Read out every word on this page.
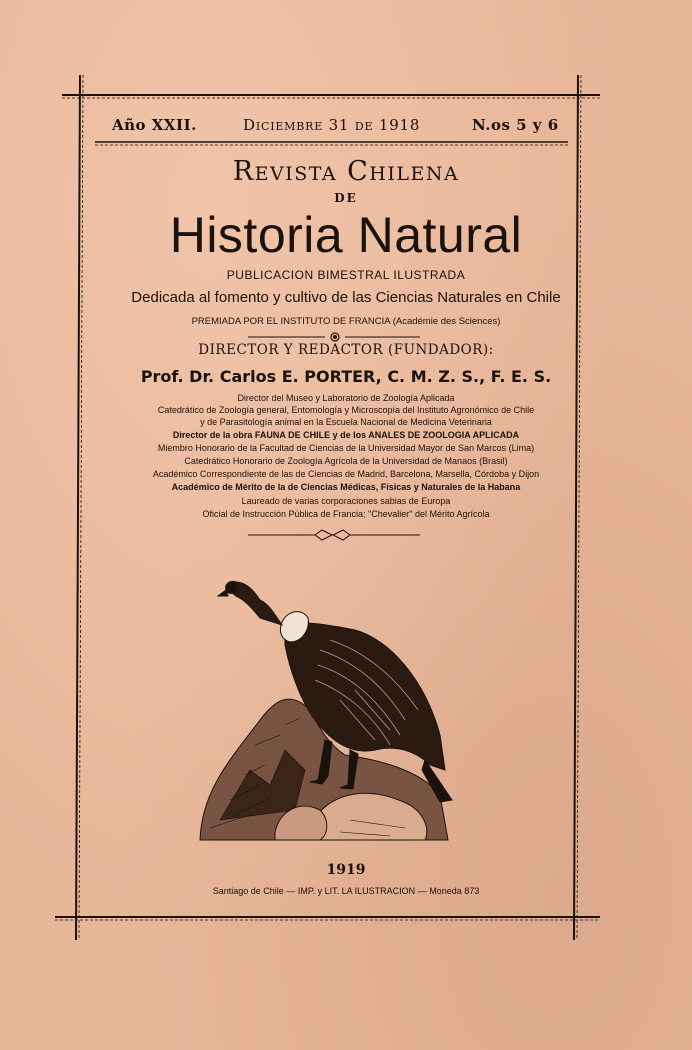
Año XXII.	Diciembre 31 de 1918	N.os 5 y 6
Revista Chilena
DE
Historia Natural
PUBLICACION BIMESTRAL ILUSTRADA
Dedicada al fomento y cultivo de las Ciencias Naturales en Chile
PREMIADA POR EL INSTITUTO DE FRANCIA (Académie des Sciences)
DIRECTOR Y REDACTOR (FUNDADOR):
Prof. Dr. Carlos E. PORTER, C. M. Z. S., F. E. S.
Director del Museo y Laboratorio de Zoología Aplicada
Catedrático de Zoología general, Entomología y Microscopía del Instituto Agronómico de Chile
y de Parasitología animal en la Escuela Nacional de Medicina Veterinaria
Director de la obra FAUNA DE CHILE y de los ANALES DE ZOOLOGIA APLICADA
Miembro Honorario de la Facultad de Ciencias de la Universidad Mayor de San Marcos (Lima)
Catedrático Honorario de Zoología Agrícola de la Universidad de Manaos (Brasil)
Académico Correspondiente de las de Ciencias de Madrid, Barcelona, Marsella, Córdoba y Dijon
Académico de Mérito de la de Ciencias Médicas, Físicas y Naturales de la Habana
Laureado de varias corporaciones sabias de Europa
Oficial de Instrucción Pública de Francia; "Chevalier" del Mérito Agrícola
1919
Santiago de Chile — IMP. y LIT. LA ILUSTRACION — Moneda 873
